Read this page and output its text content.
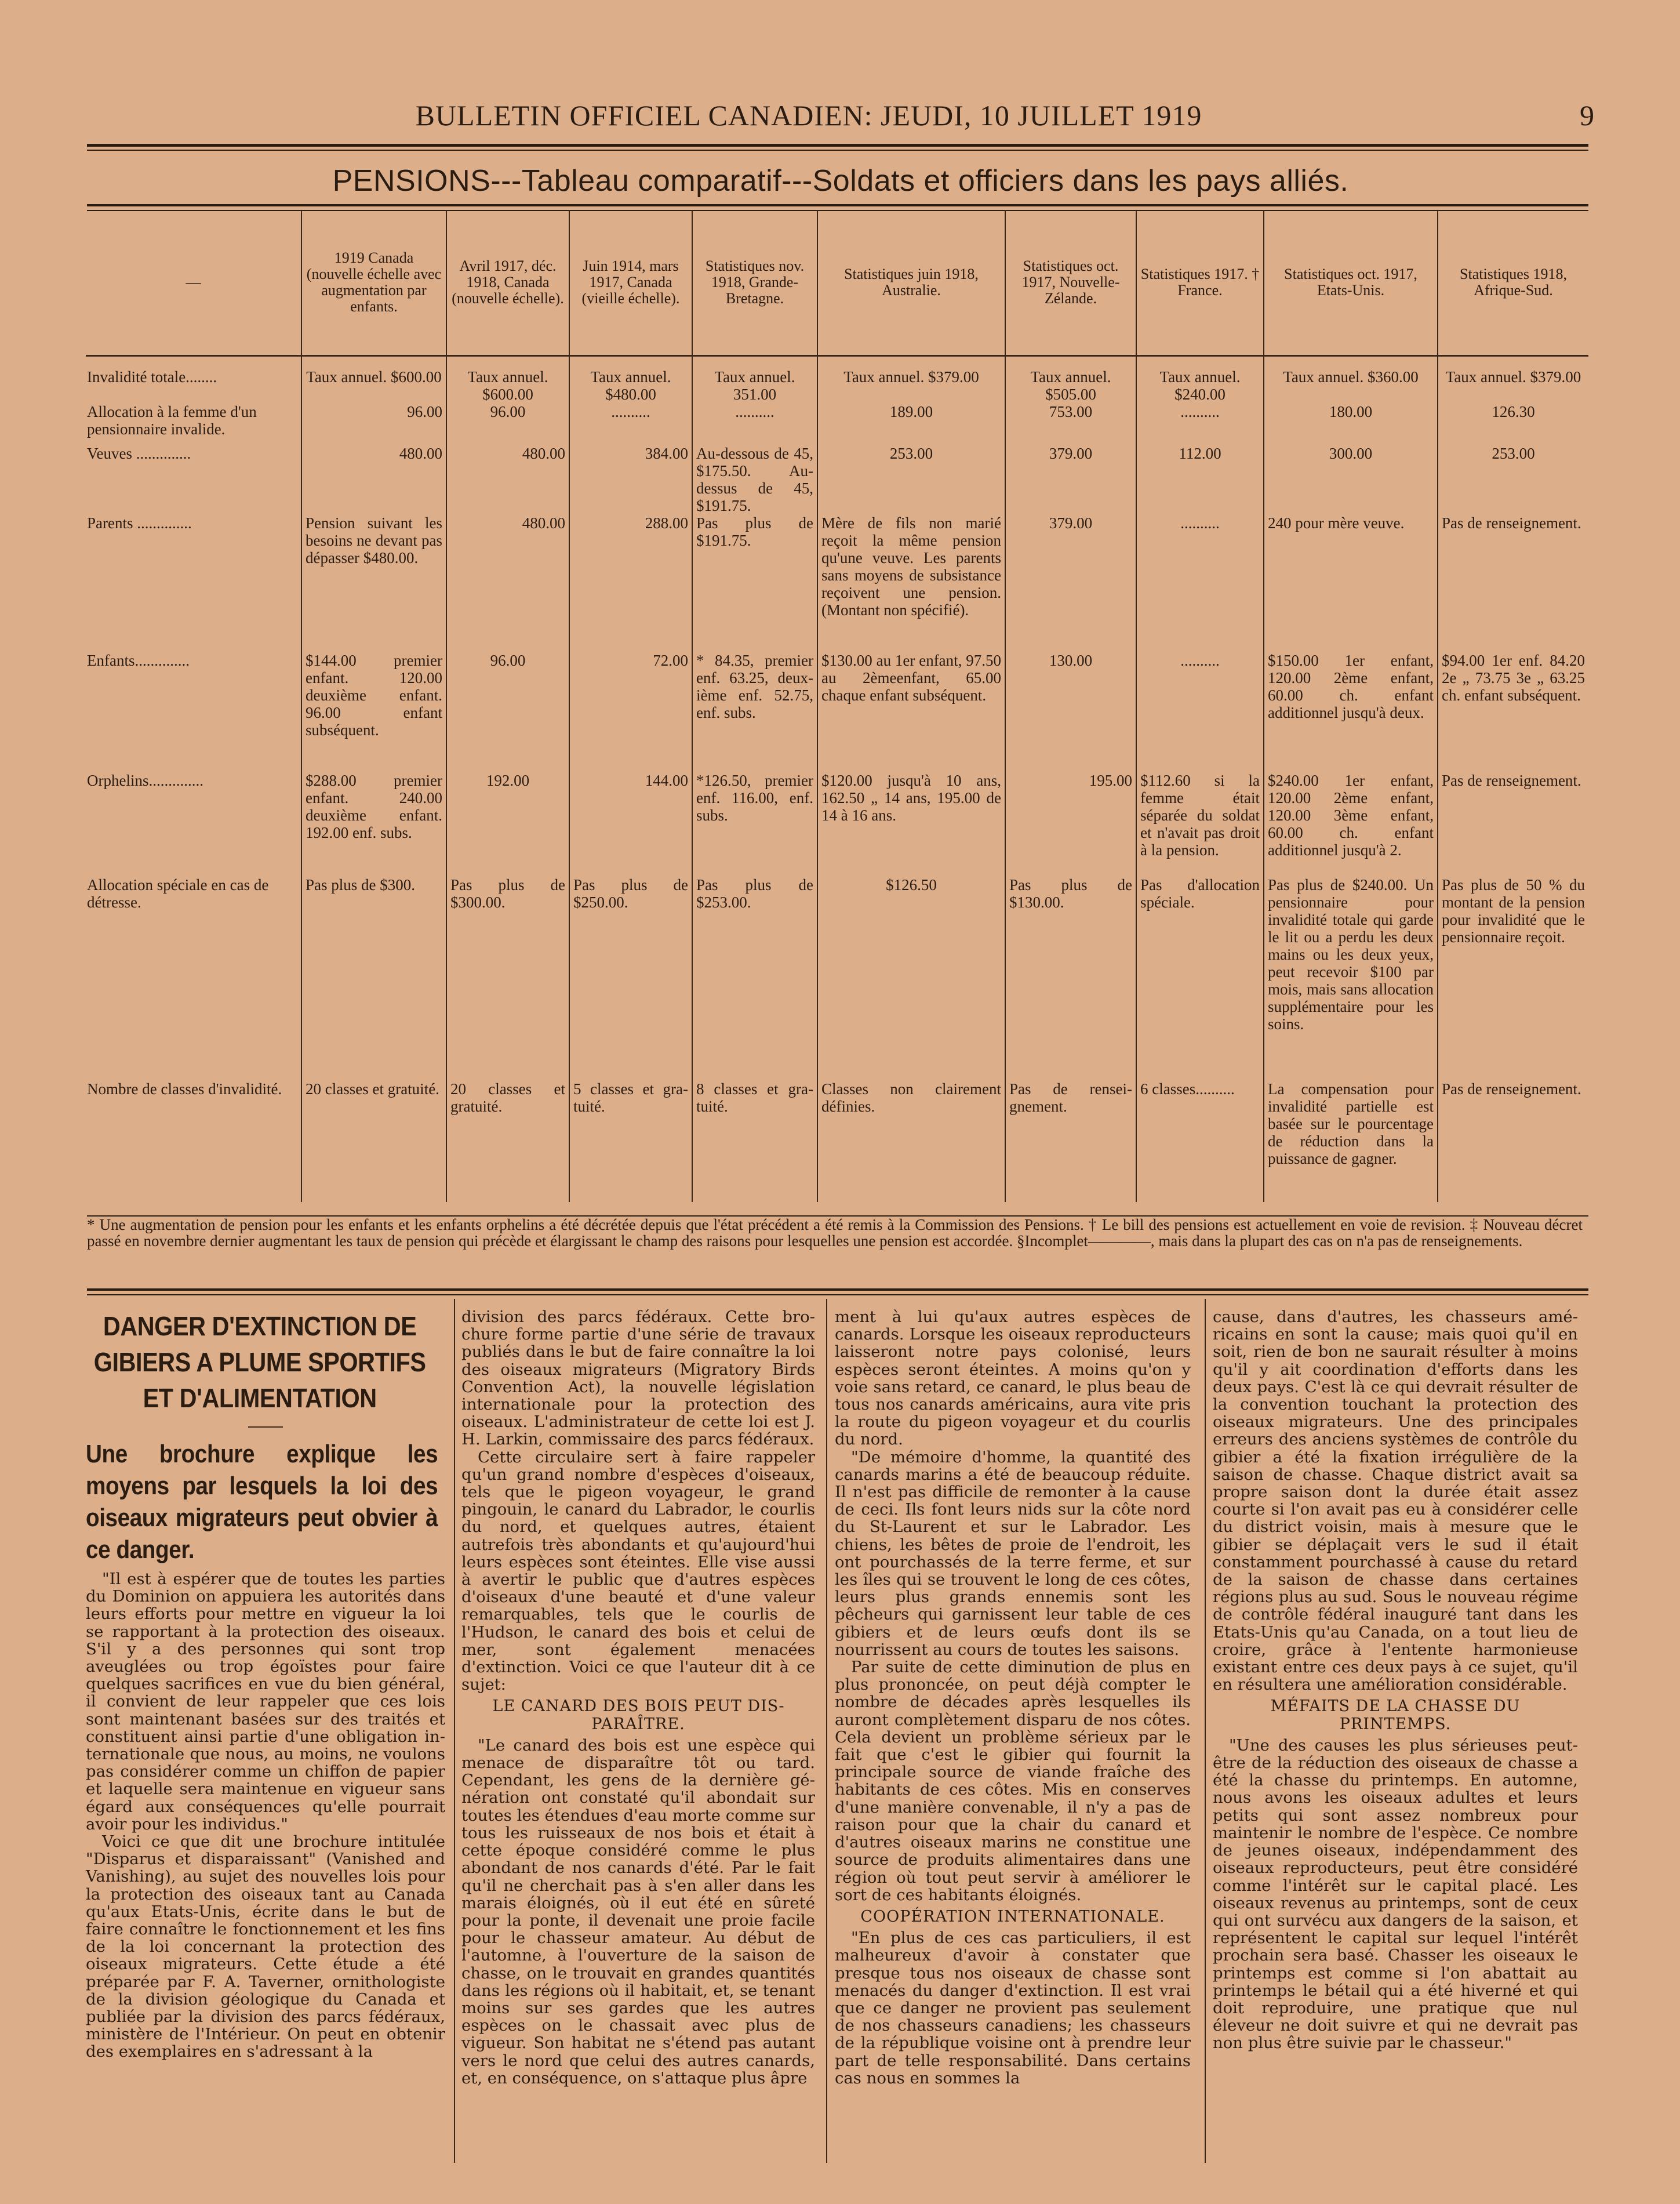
BULLETIN OFFICIEL CANADIEN: JEUDI, 10 JUILLET 1919	9
PENSIONS---Tableau comparatif---Soldats et officiers dans les pays alliés.
—	1919 Canada (nouvelle échelle avec augmentation par enfants.	Avril 1917, déc. 1918, Canada (nouvelle échelle).	Juin 1914, mars 1917, Canada (vieille échelle).	Statistiques nov. 1918, Grande-Bretagne.	Statistiques juin 1918, Australie.	Statistiques oct. 1917, Nouvelle-Zélande.	Statistiques 1917. † France.	Statistiques oct. 1917, Etats-Unis.	Statistiques 1918, Afrique-Sud.
Invalidité totale........	Taux annuel. $600.00	Taux annuel. $600.00	Taux annuel. $480.00	Taux annuel. 351.00	Taux annuel. $379.00	Taux annuel. $505.00	Taux annuel. $240.00	Taux annuel. $360.00	Taux annuel. $379.00
Allocation à la femme d'un pensionnaire invalide.	96.00	96.00	..........	..........	189.00	753.00	..........	180.00	126.30
Veuves ..............	480.00	480.00	384.00	Au-dessous de 45, $175.50. Au-dessus de 45, $191.75.	253.00	379.00	112.00	300.00	253.00
Parents ..............	Pension suivant les besoins ne devant pas dépasser $480.00.	480.00	288.00	Pas plus de $191.75.	Mère de fils non marié reçoit la même pension qu'une veuve. Les parents sans moyens de subsistance reçoivent une pension. (Montant non spécifié).	379.00	..........	240 pour mère veuve.	Pas de renseignement.
Enfants..............	$144.00 premier enfant. 120.00 deuxième enfant. 96.00 enfant subséquent.	96.00	72.00	* 84.35, premier enf. 63.25, deuxième enf. 52.75, enf. subs.	$130.00 au 1er enfant, 97.50 au 2èmeenfant, 65.00 chaque enfant subséquent.	130.00	..........	$150.00 1er enfant, 120.00 2ème enfant, 60.00 ch. enfant additionnel jusqu'à deux.	$94.00 1er enf. 84.20 2e „ 73.75 3e „ 63.25 ch. enfant subséquent.
Orphelins..............	$288.00 premier enfant. 240.00 deuxième enfant. 192.00 enf. subs.	192.00	144.00	*126.50, premier enf. 116.00, enf. subs.	$120.00 jusqu'à 10 ans, 162.50 „ 14 ans, 195.00 de 14 à 16 ans.	195.00	$112.60 si la femme était séparée du soldat et n'avait pas droit à la pension.	$240.00 1er enfant, 120.00 2ème enfant, 120.00 3ème enfant, 60.00 ch. enfant additionnel jusqu'à 2.	Pas de renseignement.
Allocation spéciale en cas de détresse.	Pas plus de $300.	Pas plus de $300.00.	Pas plus de $250.00.	Pas plus de $253.00.	$126.50	Pas plus de $130.00.	Pas d'allocation spéciale.	Pas plus de $240.00. Un pensionnaire pour invalidité totale qui garde le lit ou a perdu les deux mains ou les deux yeux, peut recevoir $100 par mois, mais sans allocation supplémentaire pour les soins.	Pas plus de 50 % du montant de la pension pour invalidité que le pensionnaire reçoit.
Nombre de classes d'invalidité.	20 classes et gratuité.	20 classes et gratuité.	5 classes et gratuité.	8 classes et gratuité.	Classes non clairement définies.	Pas de renseignement.	6 classes..........	La compensation pour invalidité partielle est basée sur le pourcentage de réduction dans la puissance de gagner.	Pas de renseignement.
* Une augmentation de pension pour les enfants et les enfants orphelins a été décrétée depuis que l'état précédent a été remis à la Commission des Pensions. † Le bill des pensions est actuellement en voie de revision. ‡ Nouveau décret passé en novembre dernier augmentant les taux de pension qui précède et élargissant le champ des raisons pour lesquelles une pension est accordée. §Incomplet————, mais dans la plupart des cas on n'a pas de renseignements.
DANGER D'EXTINCTION DE GIBIERS A PLUME SPORTIFS ET D'ALIMENTATION
Une brochure explique les moyens par lesquels la loi des oiseaux migrateurs peut obvier à ce danger.

"Il est à espérer que de toutes les parties du Dominion on appuiera les autorités dans leurs efforts pour mettre en vigueur la loi se rapportant à la protection des oiseaux. S'il y a des personnes qui sont trop aveuglées ou trop égoïstes pour faire quelques sacrifices en vue du bien général, il convient de leur rappeler que ces lois sont maintenant basées sur des traités et constituent ainsi partie d'une obligation internationale que nous, au moins, ne voulons pas considérer comme un chiffon de papier et laquelle sera maintenue en vigueur sans égard aux conséquences qu'elle pourrait avoir pour les individus."

Voici ce que dit une brochure intitulée "Disparus et disparaissant" (Vanished and Vanishing), au sujet des nouvelles lois pour la protection des oiseaux tant au Canada qu'aux Etats-Unis, écrite dans le but de faire connaître le fonctionnement et les fins de la loi concernant la protection des oiseaux migrateurs. Cette étude a été préparée par F. A. Taverner, ornithologiste de la division géologique du Canada et publiée par la division des parcs fédéraux, ministère de l'Intérieur. On peut en obtenir des exemplaires en s'adressant à la

division des parcs fédéraux. Cette brochure forme partie d'une série de travaux publiés dans le but de faire connaître la loi des oiseaux migrateurs (Migratory Birds Convention Act), la nouvelle législation internationale pour la protection des oiseaux. L'administrateur de cette loi est J. H. Larkin, commissaire des parcs fédéraux.

Cette circulaire sert à faire rappeler qu'un grand nombre d'espèces d'oiseaux, tels que le pigeon voyageur, le grand pingouin, le canard du Labrador, le courlis du nord, et quelques autres, étaient autrefois très abondants et qu'aujourd'hui leurs espèces sont éteintes. Elle vise aussi à avertir le public que d'autres espèces d'oiseaux d'une beauté et d'une valeur remarquables, tels que le courlis de l'Hudson, le canard des bois et celui de mer, sont également menacées d'extinction. Voici ce que l'auteur dit à ce sujet:

LE CANARD DES BOIS PEUT DISPARAÎTRE.

"Le canard des bois est une espèce qui menace de disparaître tôt ou tard. Cependant, les gens de la dernière génération ont constaté qu'il abondait sur toutes les étendues d'eau morte comme sur tous les ruisseaux de nos bois et était à cette époque considéré comme le plus abondant de nos canards d'été. Par le fait qu'il ne cherchait pas à s'en aller dans les marais éloignés, où il eut été en sûreté pour la ponte, il devenait une proie facile pour le chasseur amateur. Au début de l'automne, à l'ouverture de la saison de chasse, on le trouvait en grandes quantités dans les régions où il habitait, et, se tenant moins sur ses gardes que les autres espèces on le chassait avec plus de vigueur. Son habitat ne s'étend pas autant vers le nord que celui des autres canards, et, en conséquence, on s'attaque plus âpre

ment à lui qu'aux autres espèces de canards. Lorsque les oiseaux reproducteurs laisseront notre pays colonisé, leurs espèces seront éteintes. A moins qu'on y voie sans retard, ce canard, le plus beau de tous nos canards américains, aura vite pris la route du pigeon voyageur et du courlis du nord.

"De mémoire d'homme, la quantité des canards marins a été de beaucoup réduite. Il n'est pas difficile de remonter à la cause de ceci. Ils font leurs nids sur la côte nord du St-Laurent et sur le Labrador. Les chiens, les bêtes de proie de l'endroit, les ont pourchassés de la terre ferme, et sur les îles qui se trouvent le long de ces côtes, leurs plus grands ennemis sont les pêcheurs qui garnissent leur table de ces gibiers et de leurs œufs dont ils se nourrissent au cours de toutes les saisons.

Par suite de cette diminution de plus en plus prononcée, on peut déjà compter le nombre de décades après lesquelles ils auront complètement disparu de nos côtes. Cela devient un problème sérieux par le fait que c'est le gibier qui fournit la principale source de viande fraîche des habitants de ces côtes. Mis en conserves d'une manière convenable, il n'y a pas de raison pour que la chair du canard et d'autres oiseaux marins ne constitue une source de produits alimentaires dans une région où tout peut servir à améliorer le sort de ces habitants éloignés.

COOPÉRATION INTERNATIONALE.

"En plus de ces cas particuliers, il est malheureux d'avoir à constater que presque tous nos oiseaux de chasse sont menacés du danger d'extinction. Il est vrai que ce danger ne provient pas seulement de nos chasseurs canadiens; les chasseurs de la république voisine ont à prendre leur part de telle responsabilité. Dans certains cas nous en sommes la

cause, dans d'autres, les chasseurs américains en sont la cause; mais quoi qu'il en soit, rien de bon ne saurait résulter à moins qu'il y ait coordination d'efforts dans les deux pays. C'est là ce qui devrait résulter de la convention touchant la protection des oiseaux migrateurs. Une des principales erreurs des anciens systèmes de contrôle du gibier a été la fixation irrégulière de la saison de chasse. Chaque district avait sa propre saison dont la durée était assez courte si l'on avait pas eu à considérer celle du district voisin, mais à mesure que le gibier se déplaçait vers le sud il était constamment pourchassé à cause du retard de la saison de chasse dans certaines régions plus au sud. Sous le nouveau régime de contrôle fédéral inauguré tant dans les Etats-Unis qu'au Canada, on a tout lieu de croire, grâce à l'entente harmonieuse existant entre ces deux pays à ce sujet, qu'il en résultera une amélioration considérable.

MÉFAITS DE LA CHASSE DU PRINTEMPS.

"Une des causes les plus sérieuses peut-être de la réduction des oiseaux de chasse a été la chasse du printemps. En automne, nous avons les oiseaux adultes et leurs petits qui sont assez nombreux pour maintenir le nombre de l'espèce. Ce nombre de jeunes oiseaux, indépendamment des oiseaux reproducteurs, peut être considéré comme l'intérêt sur le capital placé. Les oiseaux revenus au printemps, sont de ceux qui ont survécu aux dangers de la saison, et représentent le capital sur lequel l'intérêt prochain sera basé. Chasser les oiseaux le printemps est comme si l'on abattait au printemps le bétail qui a été hiverné et qui doit reproduire, une pratique que nul éleveur ne doit suivre et qui ne devrait pas non plus être suivie par le chasseur."
